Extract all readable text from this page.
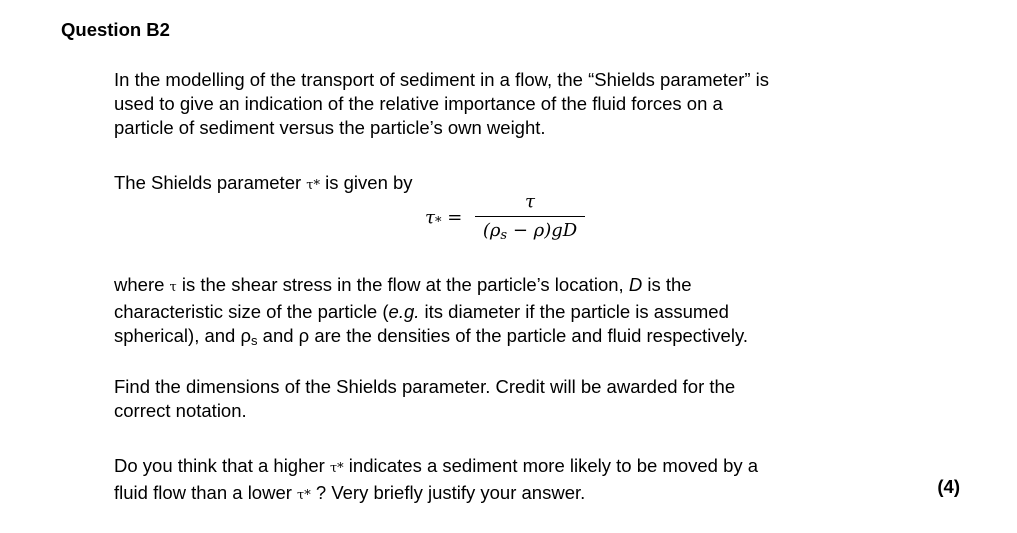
Question B2
In the modelling of the transport of sediment in a flow, the “Shields parameter” is
used to give an indication of the relative importance of the fluid forces on a
particle of sediment versus the particle’s own weight.
The Shields parameter τ* is given by
$\tau_*$ =
τ
$(\rho_s - \rho)gD$
where τ is the shear stress in the flow at the particle’s location, D is the
characteristic size of the particle (e.g. its diameter if the particle is assumed
spherical), and $\rho_s$ and ρ are the densities of the particle and fluid respectively.
Find the dimensions of the Shields parameter. Credit will be awarded for the
correct notation.
Do you think that a higher τ* indicates a sediment more likely to be moved by a
fluid flow than a lower τ* ? Very briefly justify your answer.	(4)
